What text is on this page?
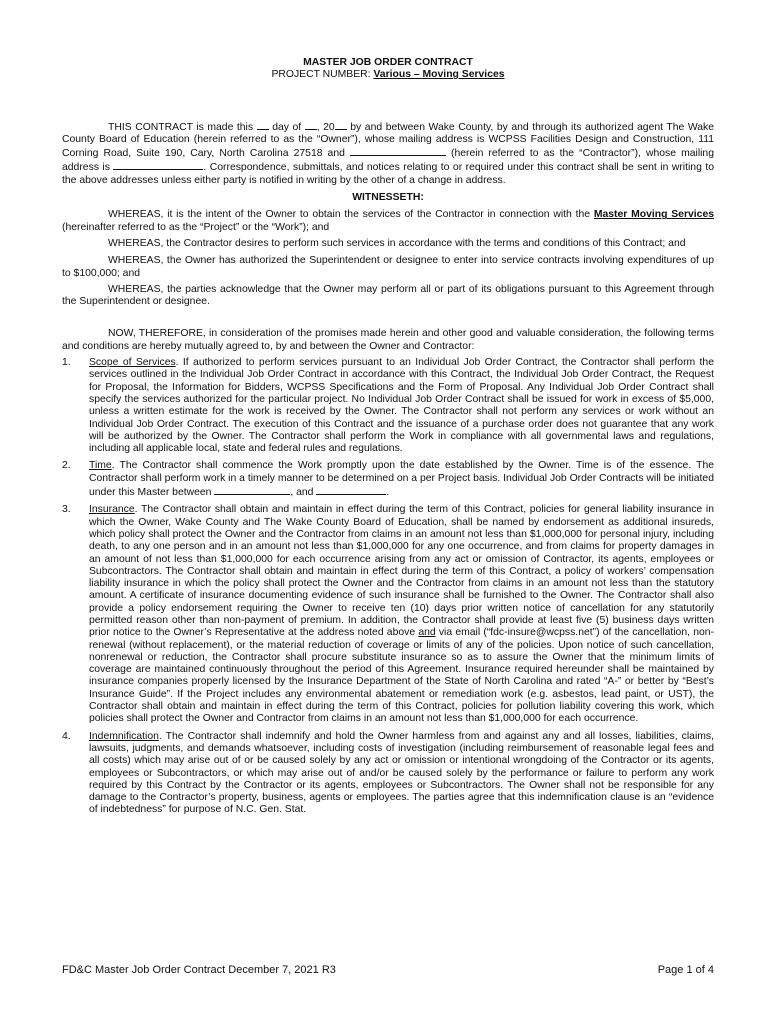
MASTER JOB ORDER CONTRACT

PROJECT NUMBER: Various – Moving Services

THIS CONTRACT is made this day of , 20 by and between Wake County, by and through its authorized agent The Wake County Board of Education (herein referred to as the “Owner”), whose mailing address is WCPSS Facilities Design and Construction, 111 Corning Road, Suite 190, Cary, North Carolina 27518 and	(herein referred to as the “Contractor”), whose mailing address is	. Correspondence, submittals, and notices relating to or required under this contract shall be sent in writing to the above addresses unless either party is notified in writing by the other of a change in address.

WITNESSETH:

WHEREAS, it is the intent of the Owner to obtain the services of the Contractor in connection with the Master Moving Services (hereinafter referred to as the “Project” or the “Work”); and

WHEREAS, the Contractor desires to perform such services in accordance with the terms and conditions of this Contract; and

WHEREAS, the Owner has authorized the Superintendent or designee to enter into service contracts involving expenditures of up to $100,000; and

WHEREAS, the parties acknowledge that the Owner may perform all or part of its obligations pursuant to this Agreement through the Superintendent or designee.

NOW, THEREFORE, in consideration of the promises made herein and other good and valuable consideration, the following terms and conditions are hereby mutually agreed to, by and between the Owner and Contractor:

1.	Scope of Services. If authorized to perform services pursuant to an Individual Job Order Contract, the Contractor shall perform the services outlined in the Individual Job Order Contract in accordance with this Contract, the Individual Job Order Contract, the Request for Proposal, the Information for Bidders, WCPSS Specifications and the Form of Proposal. Any Individual Job Order Contract shall specify the services authorized for the particular project. No Individual Job Order Contract shall be issued for work in excess of $5,000, unless a written estimate for the work is received by the Owner. The Contractor shall not perform any services or work without an Individual Job Order Contract. The execution of this Contract and the issuance of a purchase order does not guarantee that any work will be authorized by the Owner. The Contractor shall perform the Work in compliance with all governmental laws and regulations, including all applicable local, state and federal rules and regulations.
2.	Time. The Contractor shall commence the Work promptly upon the date established by the Owner. Time is of the essence. The Contractor shall perform work in a timely manner to be determined on a per Project basis. Individual Job Order Contracts will be initiated under this Master between	, and	.
3.	Insurance. The Contractor shall obtain and maintain in effect during the term of this Contract, policies for general liability insurance in which the Owner, Wake County and The Wake County Board of Education, shall be named by endorsement as additional insureds, which policy shall protect the Owner and the Contractor from claims in an amount not less than $1,000,000 for personal injury, including death, to any one person and in an amount not less than $1,000,000 for any one occurrence, and from claims for property damages in an amount of not less than $1,000,000 for each occurrence arising from any act or omission of Contractor, its agents, employees or Subcontractors. The Contractor shall obtain and maintain in effect during the term of this Contract, a policy of workers’ compensation liability insurance in which the policy shall protect the Owner and the Contractor from claims in an amount not less than the statutory amount. A certificate of insurance documenting evidence of such insurance shall be furnished to the Owner. The Contractor shall also provide a policy endorsement requiring the Owner to receive ten (10) days prior written notice of cancellation for any statutorily permitted reason other than non-payment of premium. In addition, the Contractor shall provide at least five (5) business days written prior notice to the Owner’s Representative at the address noted above and via email (“fdc-insure@wcpss.net”) of the cancellation, non-renewal (without replacement), or the material reduction of coverage or limits of any of the policies. Upon notice of such cancellation, nonrenewal or reduction, the Contractor shall procure substitute insurance so as to assure the Owner that the minimum limits of coverage are maintained continuously throughout the period of this Agreement. Insurance required hereunder shall be maintained by insurance companies properly licensed by the Insurance Department of the State of North Carolina and rated “A-” or better by “Best’s Insurance Guide”. If the Project includes any environmental abatement or remediation work (e.g. asbestos, lead paint, or UST), the Contractor shall obtain and maintain in effect during the term of this Contract, policies for pollution liability covering this work, which policies shall protect the Owner and Contractor from claims in an amount not less than $1,000,000 for each occurrence.
4.	Indemnification. The Contractor shall indemnify and hold the Owner harmless from and against any and all losses, liabilities, claims, lawsuits, judgments, and demands whatsoever, including costs of investigation (including reimbursement of reasonable legal fees and all costs) which may arise out of or be caused solely by any act or omission or intentional wrongdoing of the Contractor or its agents, employees or Subcontractors, or which may arise out of and/or be caused solely by the performance or failure to perform any work required by this Contract by the Contractor or its agents, employees or Subcontractors. The Owner shall not be responsible for any damage to the Contractor’s property, business, agents or employees. The parties agree that this indemnification clause is an “evidence of indebtedness” for purpose of N.C. Gen. Stat.
FD&C Master Job Order Contract December 7, 2021 R3	Page 1 of 4
